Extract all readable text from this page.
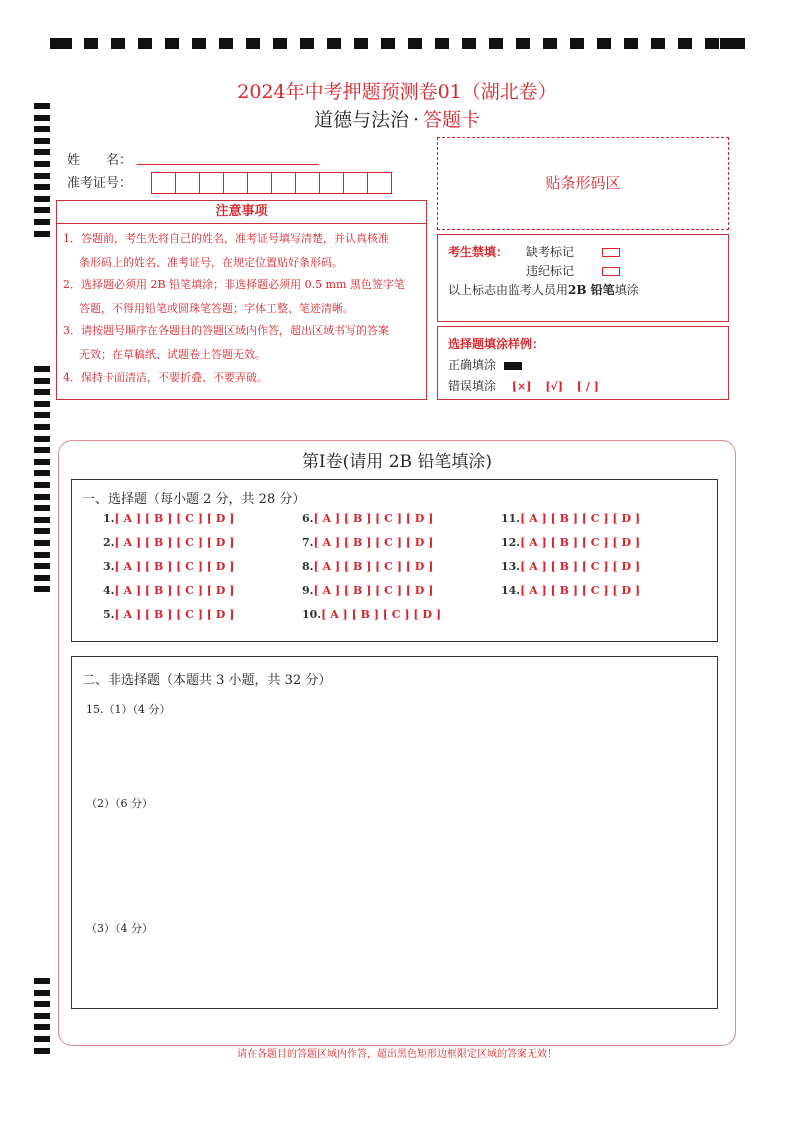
2024年中考押题预测卷01（湖北卷）
道德与法治 · 答题卡
姓　　名：
准考证号：	贴条形码区
注意事项
1．答题前，考生先将自己的姓名，准考证号填写清楚，并认真核准
条形码上的姓名、准考证号，在规定位置贴好条形码。
2．选择题必须用 2B 铅笔填涂；非选择题必须用 0.5 mm 黑色签字笔
答题，不得用铅笔或圆珠笔答题；字体工整、笔迹清晰。
3．请按题号顺序在各题目的答题区域内作答，超出区域书写的答案
无效；在草稿纸、试题卷上答题无效。
4．保持卡面清洁，不要折叠、不要弄破。
考生禁填： 缺考标记
违纪标记
以上标志由监考人员用2B 铅笔填涂
选择题填涂样例：
正确填涂
错误填涂 [×] [√] [ / ]
第Ⅰ卷(请用 2B 铅笔填涂)
一、选择题（每小题 2 分，共 28 分）
1.[ A ] [ B ] [ C ] [ D ]
2.[ A ] [ B ] [ C ] [ D ]
3.[ A ] [ B ] [ C ] [ D ]
4.[ A ] [ B ] [ C ] [ D ]
5.[ A ] [ B ] [ C ] [ D ]
6.[ A ] [ B ] [ C ] [ D ]
7.[ A ] [ B ] [ C ] [ D ]
8.[ A ] [ B ] [ C ] [ D ]
9.[ A ] [ B ] [ C ] [ D ]
10.[ A ] [ B ] [ C ] [ D ]
11.[ A ] [ B ] [ C ] [ D ]
12.[ A ] [ B ] [ C ] [ D ]
13.[ A ] [ B ] [ C ] [ D ]
14.[ A ] [ B ] [ C ] [ D ]
二、非选择题（本题共 3 小题，共 32 分）
15.（1）（4 分）
（2）（6 分）
（3）（4 分）
请在各题目的答题区域内作答，超出黑色矩形边框限定区域的答案无效！
